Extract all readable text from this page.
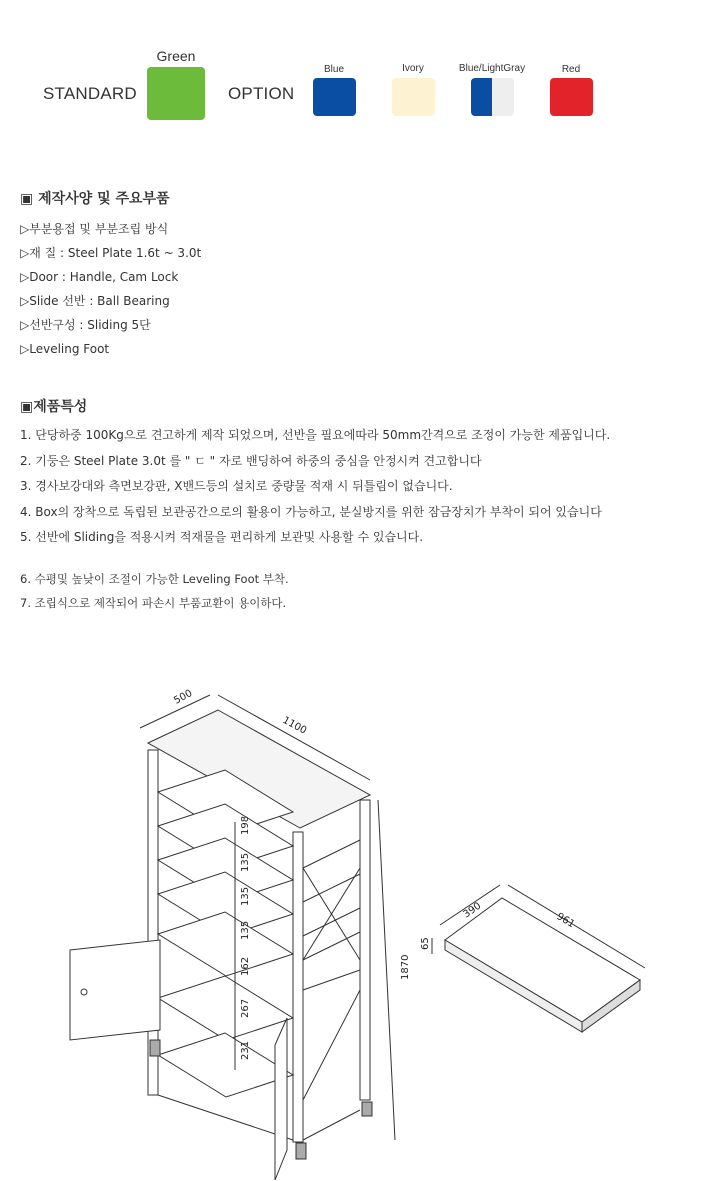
STANDARD
Green
OPTION
Blue	Ivory	Blue/LightGray	Red
▣ 제작사양 및 주요부품
▷부분용접 및 부분조립 방식
▷재 질 : Steel Plate 1.6t ~ 3.0t
▷Door : Handle, Cam Lock
▷Slide 선반 : Ball Bearing
▷선반구성 : Sliding 5단
▷Leveling Foot
▣제품특성
1. 단당하중 100Kg으로 견고하게 제작 되었으며, 선반을 필요에따라 50mm간격으로 조정이 가능한 제품입니다.
2. 기둥은 Steel Plate 3.0t 를 " ㄷ " 자로 밴딩하여 하중의 중심을 안정시켜 견고합니다
3. 경사보강대와 측면보강판, X밴드등의 설치로 중량물 적재 시 뒤틀림이 없습니다.
4. Box의 장착으로 독립된 보관공간으로의 활용이 가능하고, 분실방지를 위한 잠금장치가 부착이 되어 있습니다
5. 선반에 Sliding을 적용시켜 적재물을 편리하게 보관및 사용할 수 있습니다.
6. 수평및 높낮이 조절이 가능한 Leveling Foot 부착.
7. 조립식으로 제작되어 파손시 부품교환이 용이하다.
500
1100
1870
198
135
135
135
162
267
231
390
961
65
